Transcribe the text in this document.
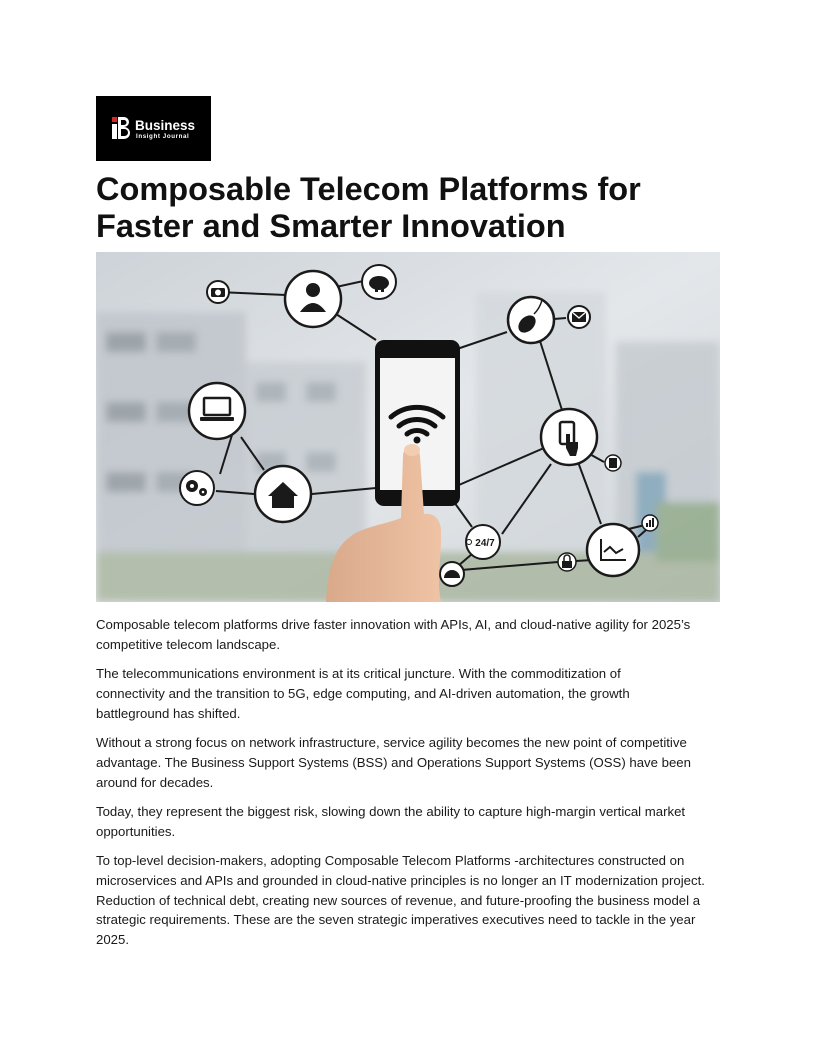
Business
Insight Journal
Composable Telecom Platforms for
Faster and Smarter Innovation
24/7

Composable telecom platforms drive faster innovation with APIs, AI, and cloud-native agility for 2025’s
competitive telecom landscape.

The telecommunications environment is at its critical juncture. With the commoditization of
connectivity and the transition to 5G, edge computing, and AI-driven automation, the growth
battleground has shifted.

Without a strong focus on network infrastructure, service agility becomes the new point of competitive
advantage. The Business Support Systems (BSS) and Operations Support Systems (OSS) have been
around for decades.

Today, they represent the biggest risk, slowing down the ability to capture high-margin vertical market
opportunities.

To top-level decision-makers, adopting Composable Telecom Platforms -architectures constructed on
microservices and APIs and grounded in cloud-native principles is no longer an IT modernization project.
Reduction of technical debt, creating new sources of revenue, and future-proofing the business model a
strategic requirements. These are the seven strategic imperatives executives need to tackle in the year
2025.
